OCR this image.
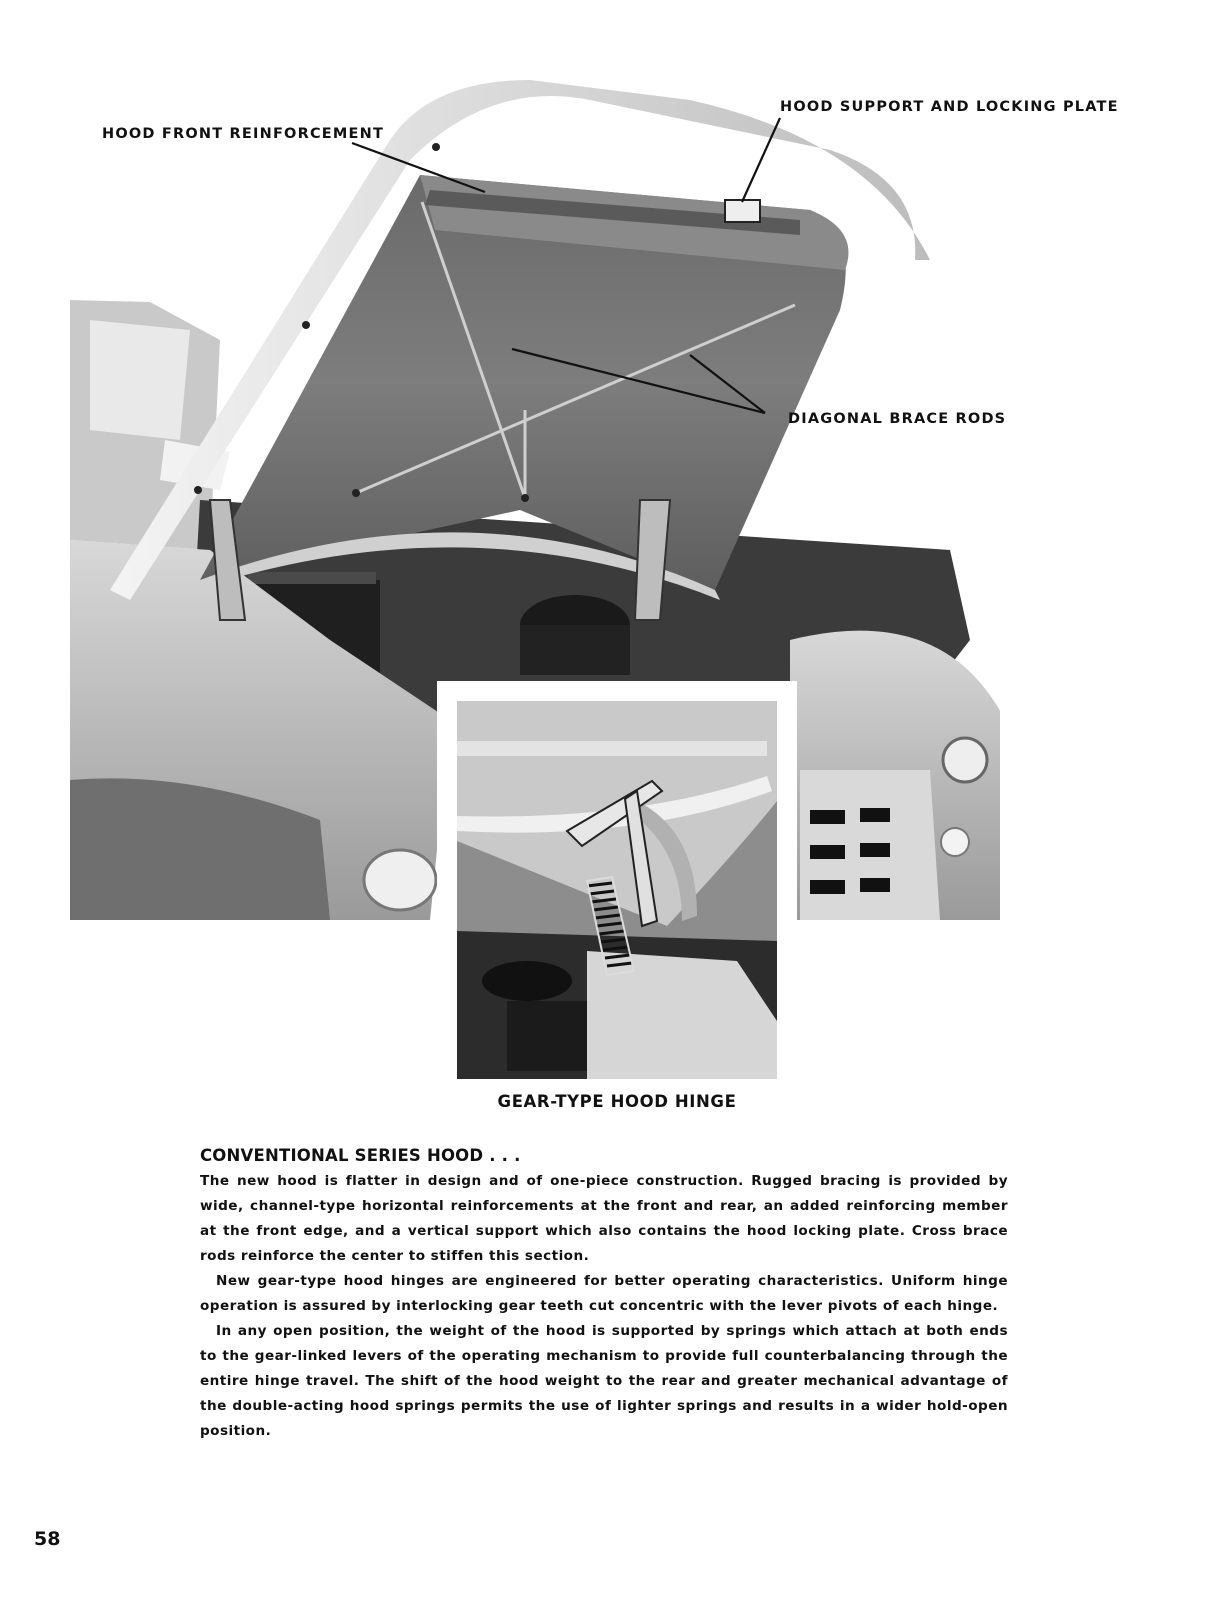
HOOD SUPPORT AND LOCKING PLATE
HOOD FRONT REINFORCEMENT
DIAGONAL BRACE RODS
GEAR-TYPE HOOD HINGE
CONVENTIONAL SERIES HOOD . . .

The new hood is flatter in design and of one-piece construction. Rugged bracing is provided by wide, channel-type horizontal reinforcements at the front and rear, an added reinforcing member at the front edge, and a vertical support which also contains the hood locking plate. Cross brace rods reinforce the center to stiffen this section.

New gear-type hood hinges are engineered for better operating characteristics. Uniform hinge operation is assured by interlocking gear teeth cut concentric with the lever pivots of each hinge.

In any open position, the weight of the hood is supported by springs which attach at both ends to the gear-linked levers of the operating mechanism to provide full counterbalancing through the entire hinge travel. The shift of the hood weight to the rear and greater mechanical advantage of the double-acting hood springs permits the use of lighter springs and results in a wider hold-open position.

58
